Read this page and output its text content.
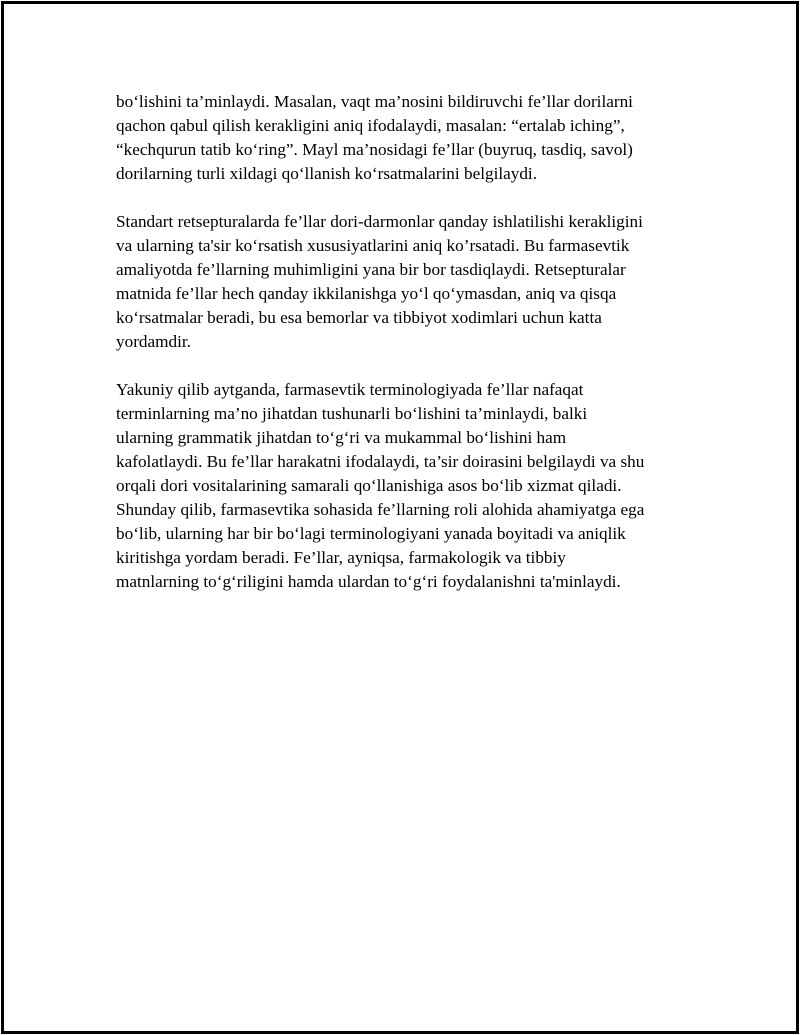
bo‘lishini ta’minlaydi. Masalan, vaqt ma’nosini bildiruvchi fe’llar dorilarni
qachon qabul qilish kerakligini aniq ifodalaydi, masalan: “ertalab iching”,
“kechqurun tatib ko‘ring”. Mayl ma’nosidagi fe’llar (buyruq, tasdiq, savol)
dorilarning turli xildagi qo‘llanish ko‘rsatmalarini belgilaydi.

Standart retsepturalarda fe’llar dori-darmonlar qanday ishlatilishi kerakligini
va ularning ta'sir ko‘rsatish xususiyatlarini aniq ko’rsatadi. Bu farmasevtik
amaliyotda fe’llarning muhimligini yana bir bor tasdiqlaydi. Retsepturalar
matnida fe’llar hech qanday ikkilanishga yo‘l qo‘ymasdan, aniq va qisqa
ko‘rsatmalar beradi, bu esa bemorlar va tibbiyot xodimlari uchun katta
yordamdir.

Yakuniy qilib aytganda, farmasevtik terminologiyada fe’llar nafaqat
terminlarning ma’no jihatdan tushunarli bo‘lishini ta’minlaydi, balki
ularning grammatik jihatdan to‘g‘ri va mukammal bo‘lishini ham
kafolatlaydi. Bu fe’llar harakatni ifodalaydi, ta’sir doirasini belgilaydi va shu
orqali dori vositalarining samarali qo‘llanishiga asos bo‘lib xizmat qiladi.
Shunday qilib, farmasevtika sohasida fe’llarning roli alohida ahamiyatga ega
bo‘lib, ularning har bir bo‘lagi terminologiyani yanada boyitadi va aniqlik
kiritishga yordam beradi. Fe’llar, ayniqsa, farmakologik va tibbiy
matnlarning to‘g‘riligini hamda ulardan to‘g‘ri foydalanishni ta'minlaydi.
